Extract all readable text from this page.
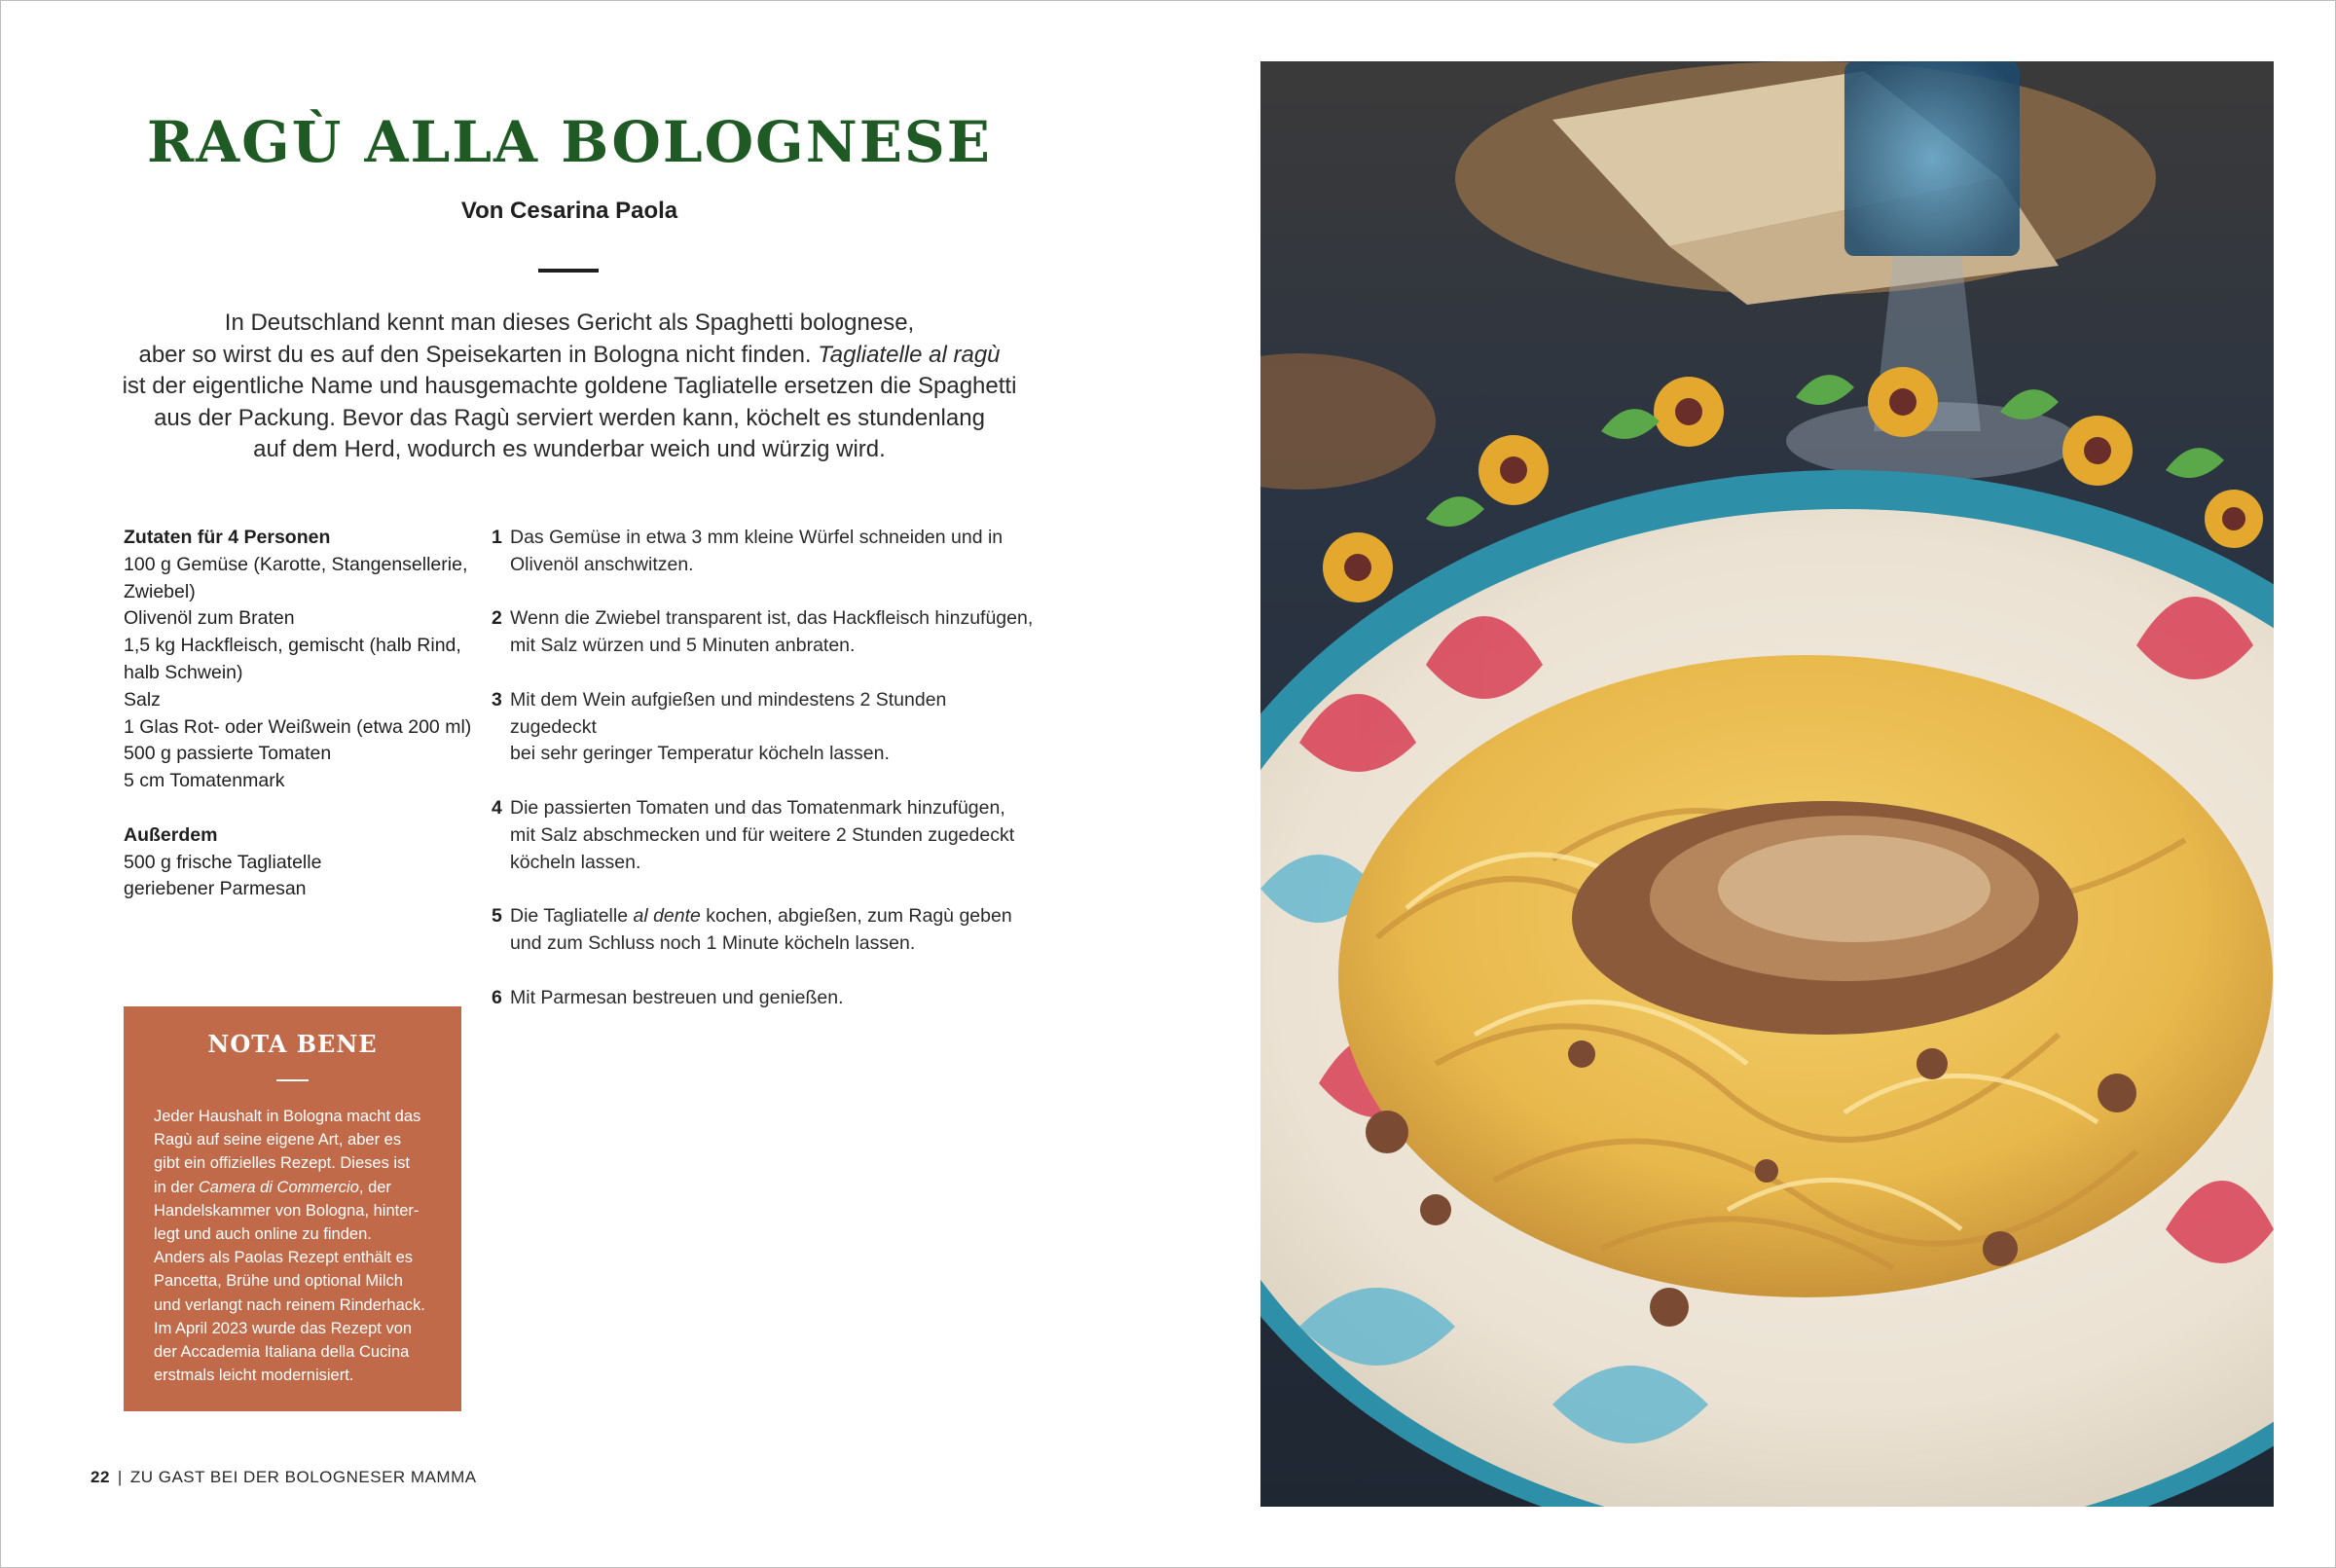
RAGÙ ALLA BOLOGNESE
Von Cesarina Paola

In Deutschland kennt man dieses Gericht als Spaghetti bolognese,

aber so wirst du es auf den Speisekarten in Bologna nicht finden. Tagliatelle al ragù

ist der eigentliche Name und hausgemachte goldene Tagliatelle ersetzen die Spaghetti

aus der Packung. Bevor das Ragù serviert werden kann, köchelt es stundenlang

auf dem Herd, wodurch es wunderbar weich und würzig wird.

Zutaten für 4 Personen
100 g Gemüse (Karotte, Stangensellerie,
Zwiebel)
Olivenöl zum Braten
1,5 kg Hackfleisch, gemischt (halb Rind,
halb Schwein)
Salz
1 Glas Rot- oder Weißwein (etwa 200 ml)
500 g passierte Tomaten
5 cm Tomatenmark
Außerdem
500 g frische Tagliatelle
geriebener Parmesan
1 Das Gemüse in etwa 3 mm kleine Würfel schneiden und in
Olivenöl anschwitzen.
2 Wenn die Zwiebel transparent ist, das Hackfleisch hinzufügen,
mit Salz würzen und 5 Minuten anbraten.
3 Mit dem Wein aufgießen und mindestens 2 Stunden zugedeckt
bei sehr geringer Temperatur köcheln lassen.
4 Die passierten Tomaten und das Tomatenmark hinzufügen,
mit Salz abschmecken und für weitere 2 Stunden zugedeckt
köcheln lassen.
5 Die Tagliatelle al dente kochen, abgießen, zum Ragù geben
und zum Schluss noch 1 Minute köcheln lassen.
6 Mit Parmesan bestreuen und genießen.
NOTA BENE

Jeder Haushalt in Bologna macht das

Ragù auf seine eigene Art, aber es

gibt ein offizielles Rezept. Dieses ist

in der Camera di Commercio, der

Handelskammer von Bologna, hinter-

legt und auch online zu finden.

Anders als Paolas Rezept enthält es

Pancetta, Brühe und optional Milch

und verlangt nach reinem Rinderhack.

Im April 2023 wurde das Rezept von

der Accademia Italiana della Cucina

erstmals leicht modernisiert.

22 | ZU GAST BEI DER BOLOGNESER MAMMA
